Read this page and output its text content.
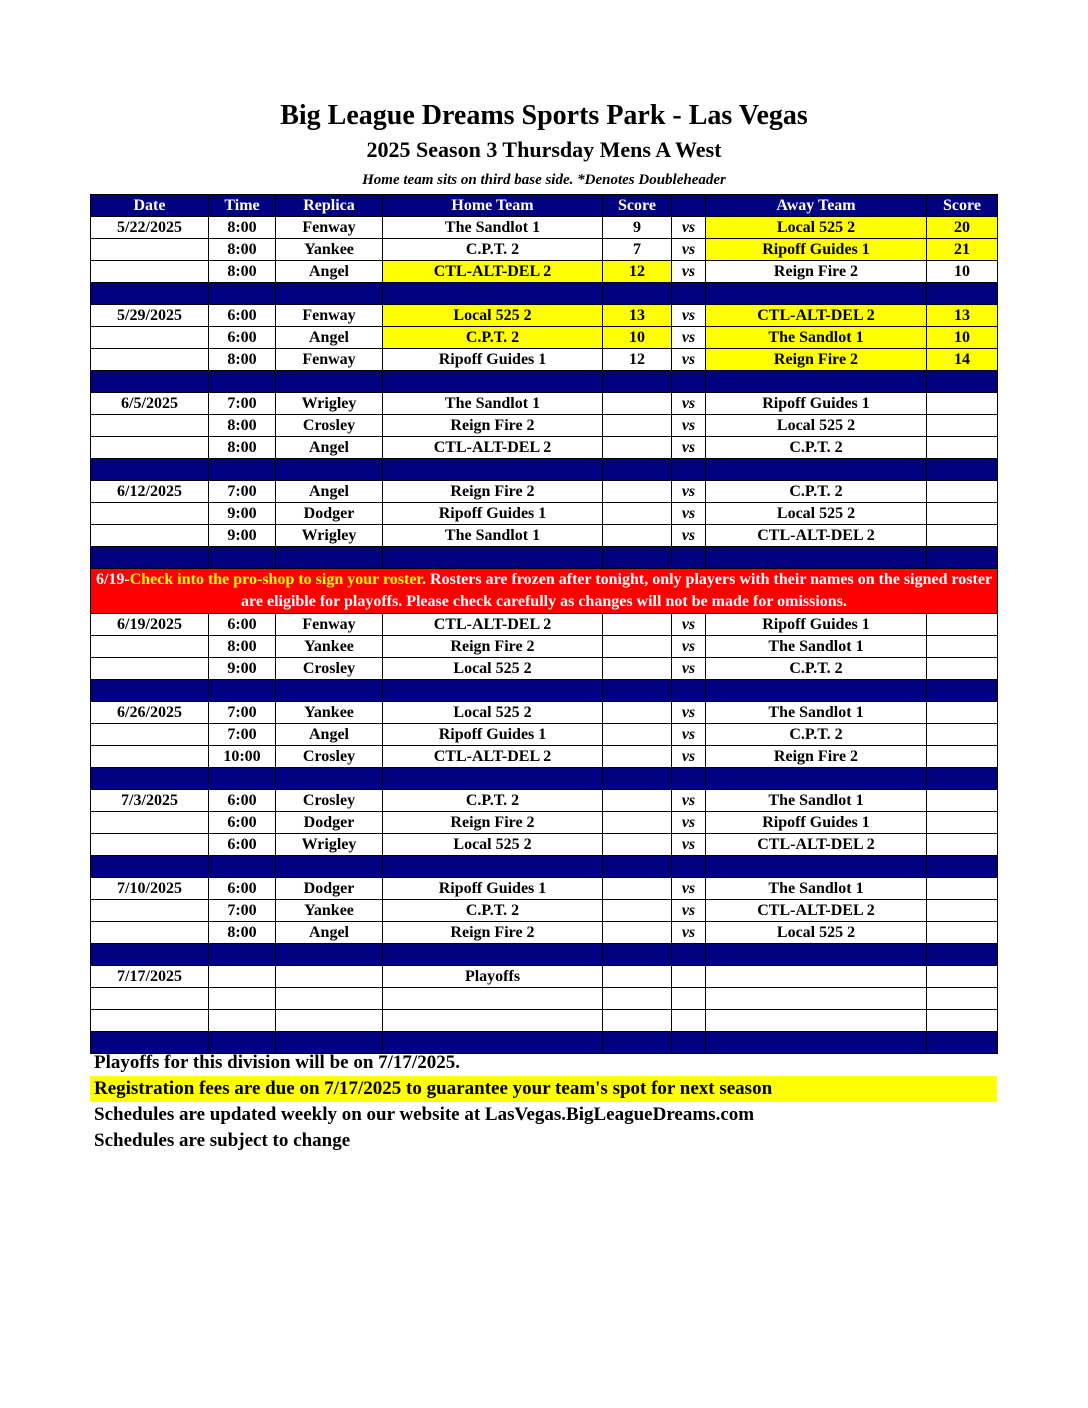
Big League Dreams Sports Park - Las Vegas
2025 Season 3 Thursday Mens A West
Home team sits on third base side. *Denotes Doubleheader
Date	Time	Replica	Home Team	Score		Away Team	Score
5/22/2025	8:00	Fenway	The Sandlot 1	9	vs	Local 525 2	20
	8:00	Yankee	C.P.T. 2	7	vs	Ripoff Guides 1	21
	8:00	Angel	CTL-ALT-DEL 2	12	vs	Reign Fire 2	10

5/29/2025	6:00	Fenway	Local 525 2	13	vs	CTL-ALT-DEL 2	13
	6:00	Angel	C.P.T. 2	10	vs	The Sandlot 1	10
	8:00	Fenway	Ripoff Guides 1	12	vs	Reign Fire 2	14

6/5/2025	7:00	Wrigley	The Sandlot 1		vs	Ripoff Guides 1	
	8:00	Crosley	Reign Fire 2		vs	Local 525 2	
	8:00	Angel	CTL-ALT-DEL 2		vs	C.P.T. 2	

6/12/2025	7:00	Angel	Reign Fire 2		vs	C.P.T. 2	
	9:00	Dodger	Ripoff Guides 1		vs	Local 525 2	
	9:00	Wrigley	The Sandlot 1		vs	CTL-ALT-DEL 2	

6/19-Check into the pro-shop to sign your roster. Rosters are frozen after tonight, only players with their names on the signed roster are eligible for playoffs. Please check carefully as changes will not be made for omissions.							
6/19/2025	6:00	Fenway	CTL-ALT-DEL 2		vs	Ripoff Guides 1	
	8:00	Yankee	Reign Fire 2		vs	The Sandlot 1	
	9:00	Crosley	Local 525 2		vs	C.P.T. 2	

6/26/2025	7:00	Yankee	Local 525 2		vs	The Sandlot 1	
	7:00	Angel	Ripoff Guides 1		vs	C.P.T. 2	
	10:00	Crosley	CTL-ALT-DEL 2		vs	Reign Fire 2	

7/3/2025	6:00	Crosley	C.P.T. 2		vs	The Sandlot 1	
	6:00	Dodger	Reign Fire 2		vs	Ripoff Guides 1	
	6:00	Wrigley	Local 525 2		vs	CTL-ALT-DEL 2	

7/10/2025	6:00	Dodger	Ripoff Guides 1		vs	The Sandlot 1	
	7:00	Yankee	C.P.T. 2		vs	CTL-ALT-DEL 2	
	8:00	Angel	Reign Fire 2		vs	Local 525 2	

7/17/2025			Playoffs				

Playoffs for this division will be on 7/17/2025.
Registration fees are due on 7/17/2025 to guarantee your team's spot for next season
Schedules are updated weekly on our website at LasVegas.BigLeagueDreams.com
Schedules are subject to change
